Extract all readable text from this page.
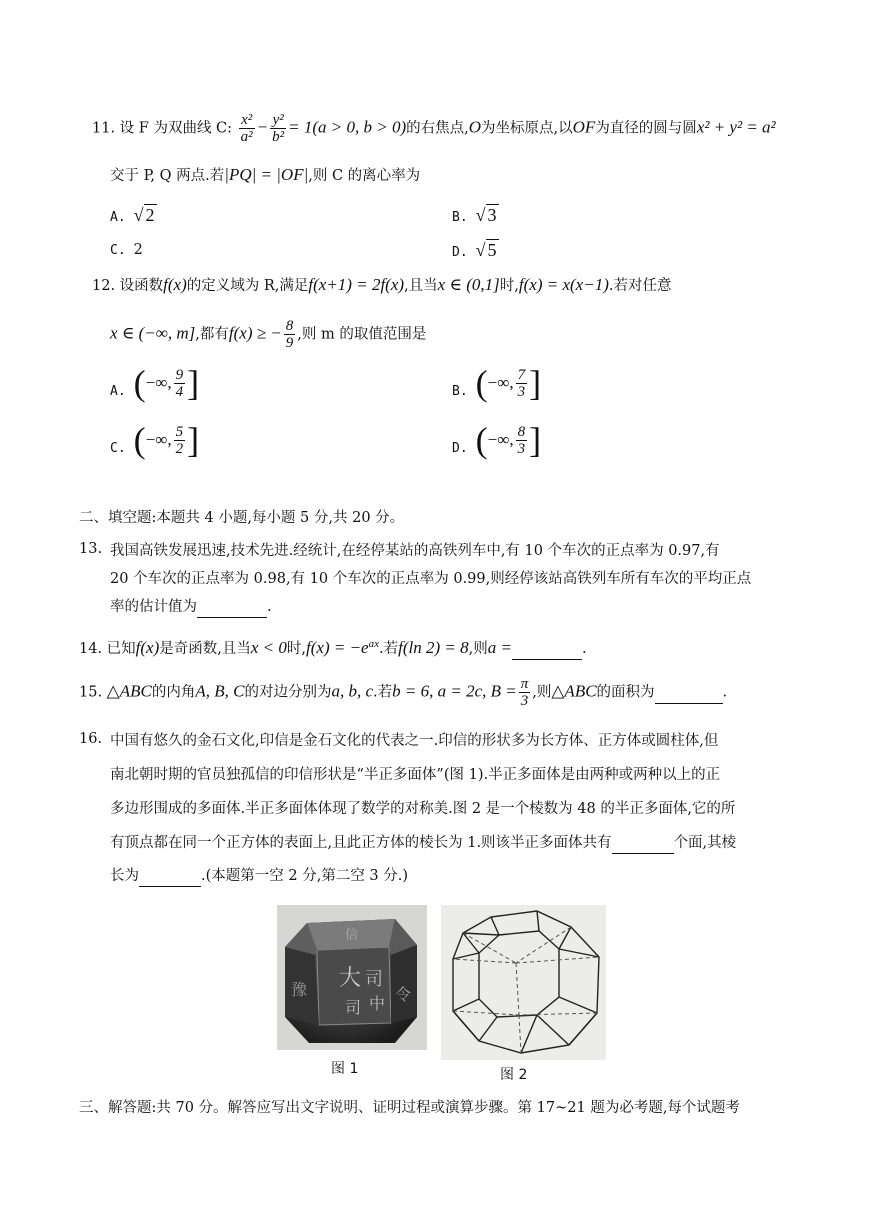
11. 设 F 为双曲线 C: $\frac{\text{x²}}{\text{a²}} - \frac{\text{y²}}{\text{b²}} = 1(a > 0$, b > 0)的右焦点,O为坐标原点,以OF为直径的圆与圆x² + y² = a²
交于 P, Q 两点.若|PQ| = |OF|,则 C 的离心率为
A. √ 2	B. √ 3
C. 2	D. √ 5
12. 设函数f(x)的定义域为 R,满足f(x+1) = 2f(x),且当x ∈ (0,1]时,f(x) = x(x−1).若对任意
x ∈ (−∞, m],都有f(x) ≥ − $\frac{8}{9}$ ,则 m 的取值范围是
A. ( −∞, $\frac{9}{4}$ ]	B. ( −∞, $\frac{7}{3}$ ]
C. ( −∞, $\frac{5}{2}$ ]	D. ( −∞, $\frac{8}{3}$ ]
二、填空题:本题共 4 小题,每小题 5 分,共 20 分。
13. 我国高铁发展迅速,技术先进.经统计,在经停某站的高铁列车中,有 10 个车次的正点率为 0.97,有
20 个车次的正点率为 0.98,有 10 个车次的正点率为 0.99,则经停该站高铁列车所有车次的平均正点
率的估计值为	.
14. 已知f(x)是奇函数,且当x < 0时$,f(x) = -e^{ax}$.若f(ln 2) = 8,则a =	.
15. △ABC的内角A, B, C的对边分别为a, b, c.若b = 6, a = 2c, $B = \frac{\pi}{3}$ ,则△ABC的面积为	.
16. 中国有悠久的金石文化,印信是金石文化的代表之一.印信的形状多为长方体、正方体或圆柱体,但
南北朝时期的官员独孤信的印信形状是“半正多面体”(图 1).半正多面体是由两种或两种以上的正
多边形围成的多面体.半正多面体体现了数学的对称美.图 2 是一个棱数为 48 的半正多面体,它的所
有顶点都在同一个正方体的表面上,且此正方体的棱长为 1.则该半正多面体共有	个面,其棱
长为	.(本题第一空 2 分,第二空 3 分.)
大 司
司 中
豫	令
信
图 1	图 2
三、解答题:共 70 分。解答应写出文字说明、证明过程或演算步骤。第 17~21 题为必考题,每个试题考
